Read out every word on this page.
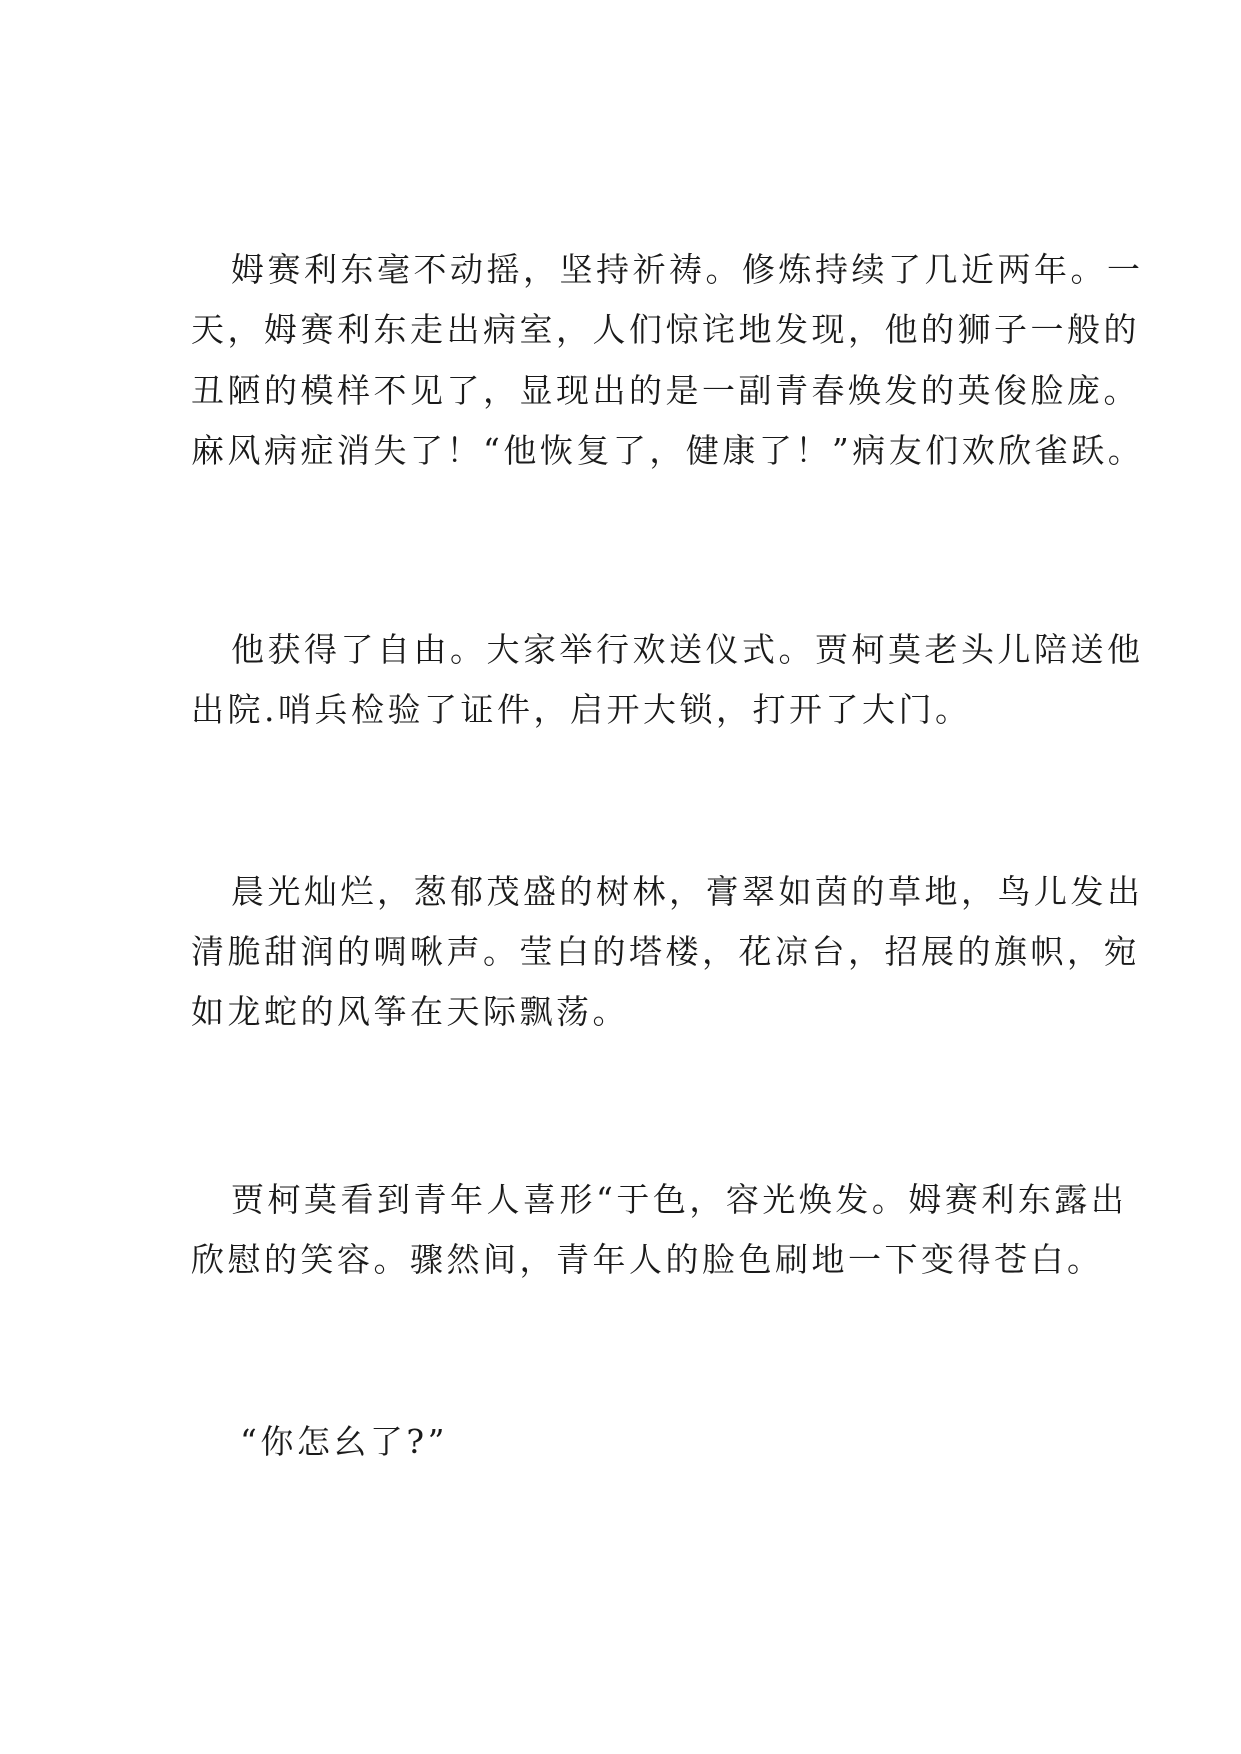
姆赛利东毫不动摇，坚持祈祷。修炼持续了几近两年。一
天，姆赛利东走出病室，人们惊诧地发现，他的狮子一般的
丑陋的模样不见了，显现出的是一副青春焕发的英俊脸庞。
麻风病症消失了！“他恢复了，健康了！”病友们欢欣雀跃。
他获得了自由。大家举行欢送仪式。贾柯莫老头儿陪送他
出院.哨兵检验了证件，启开大锁，打开了大门。
晨光灿烂，葱郁茂盛的树林，膏翠如茵的草地，鸟儿发出
清脆甜润的啁啾声。莹白的塔楼，花凉台，招展的旗帜，宛
如龙蛇的风筝在天际飘荡。
贾柯莫看到青年人喜形“于色，容光焕发。姆赛利东露出
欣慰的笑容。骤然间，青年人的脸色刷地一下变得苍白。
“你怎幺了?”
